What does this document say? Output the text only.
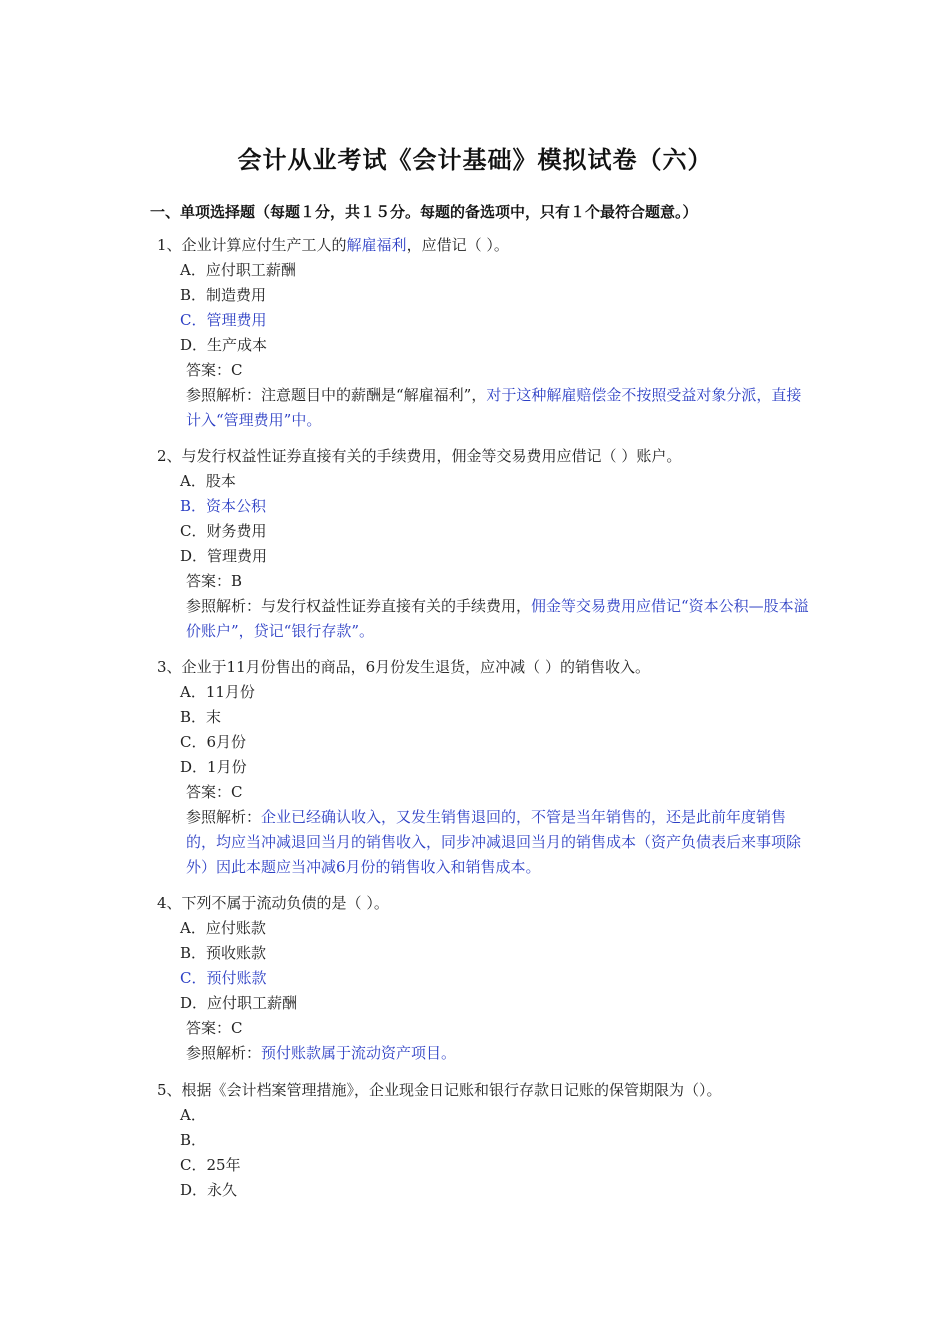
会计从业考试《会计基础》模拟试卷（六）
一、单项选择题（每题１分，共１５分。每题的备选项中，只有１个最符合题意。）
1、企业计算应付生产工人的解雇福利，应借记（ ）。
A．应付职工薪酬
B．制造费用
C．管理费用
D．生产成本
答案：C
参照解析：注意题目中的薪酬是“解雇福利”，对于这种解雇赔偿金不按照受益对象分派，直接计入“管理费用”中。
2、与发行权益性证券直接有关的手续费用，佣金等交易费用应借记（ ）账户。
A．股本
B．资本公积
C．财务费用
D．管理费用
答案：B
参照解析：与发行权益性证券直接有关的手续费用，佣金等交易费用应借记“资本公积—股本溢价账户”，贷记“银行存款”。
3、企业于11月份售出的商品，6月份发生退货，应冲减（ ）的销售收入。
A．11月份
B．末
C．6月份
D．1月份
答案：C
参照解析：企业已经确认收入，又发生销售退回的，不管是当年销售的，还是此前年度销售的，均应当冲减退回当月的销售收入，同步冲减退回当月的销售成本（资产负债表后来事项除外）因此本题应当冲减6月份的销售收入和销售成本。
4、下列不属于流动负债的是（ ）。
A．应付账款
B．预收账款
C．预付账款
D．应付职工薪酬
答案：C
参照解析：预付账款属于流动资产项目。
5、根据《会计档案管理措施》，企业现金日记账和银行存款日记账的保管期限为（）。
A．
B．
C．25年
D．永久
